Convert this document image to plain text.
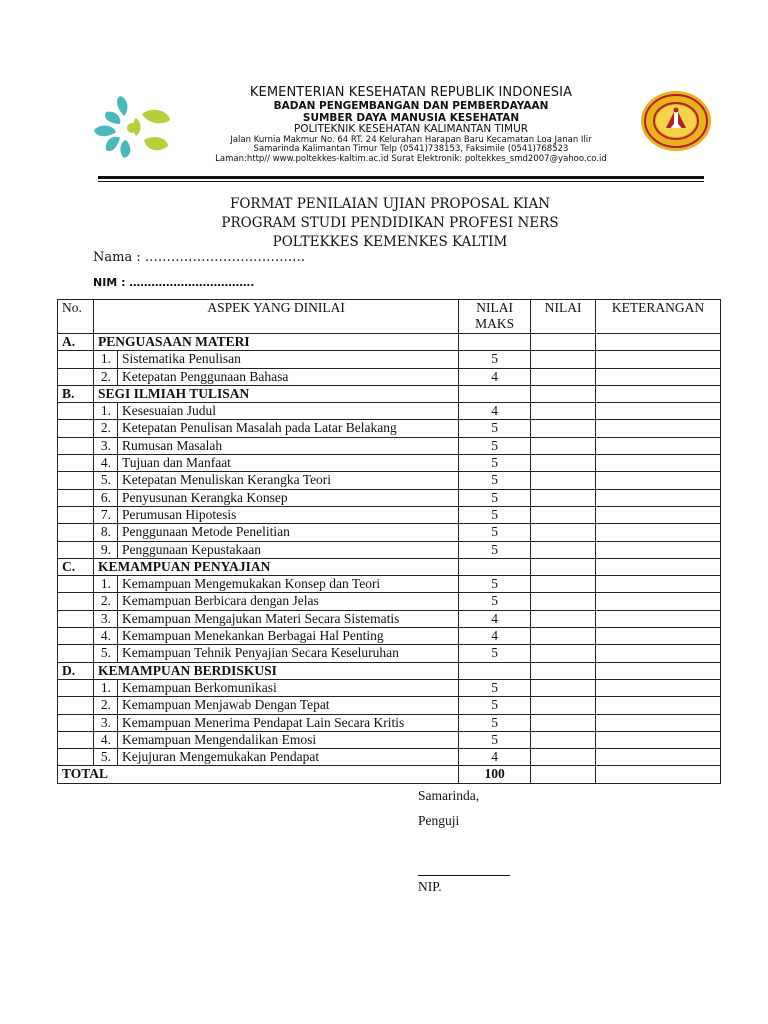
KEMENTERIAN KESEHATAN REPUBLIK INDONESIA
BADAN PENGEMBANGAN DAN PEMBERDAYAAN
SUMBER DAYA MANUSIA KESEHATAN
POLITEKNIK KESEHATAN KALIMANTAN TIMUR
Jalan Kurnia Makmur No. 64 RT. 24 Kelurahan Harapan Baru Kecamatan Loa Janan Ilir
Samarinda Kalimantan Timur Telp (0541)738153, Faksimile (0541)768523
Laman:http// www.poltekkes-kaltim.ac.id Surat Elektronik: poltekkes_smd2007@yahoo.co.id
FORMAT PENILAIAN UJIAN PROPOSAL KIAN
PROGRAM STUDI PENDIDIKAN PROFESI NERS
POLTEKKES KEMENKES KALTIM
Nama : ……………………………….
NIM : …………………………….
No.	ASPEK YANG DINILAI		NILAI MAKS	NILAI	KETERANGAN
A.	PENGUASAAN MATERI				
	1.	Sistematika Penulisan	5		
	2.	Ketepatan Penggunaan Bahasa	4		
B.	SEGI ILMIAH TULISAN				
	1.	Kesesuaian Judul	4		
	2.	Ketepatan Penulisan Masalah pada Latar Belakang	5		
	3.	Rumusan Masalah	5		
	4.	Tujuan dan Manfaat	5		
	5.	Ketepatan Menuliskan Kerangka Teori	5		
	6.	Penyusunan Kerangka Konsep	5		
	7.	Perumusan Hipotesis	5		
	8.	Penggunaan Metode Penelitian	5		
	9.	Penggunaan Kepustakaan	5		
C.	KEMAMPUAN PENYAJIAN				
	1.	Kemampuan Mengemukakan Konsep dan Teori	5		
	2.	Kemampuan Berbicara dengan Jelas	5		
	3.	Kemampuan Mengajukan Materi Secara Sistematis	4		
	4.	Kemampuan Menekankan Berbagai Hal Penting	4		
	5.	Kemampuan Tehnik Penyajian Secara Keseluruhan	5		
D.	KEMAMPUAN BERDISKUSI				
	1.	Kemampuan Berkomunikasi	5		
	2.	Kemampuan Menjawab Dengan Tepat	5		
	3.	Kemampuan Menerima Pendapat Lain Secara Kritis	5		
	4.	Kemampuan Mengendalikan Emosi	5		
	5.	Kejujuran Mengemukakan Pendapat	4		
TOTAL			100		
Samarinda,
Penguji
NIP.
